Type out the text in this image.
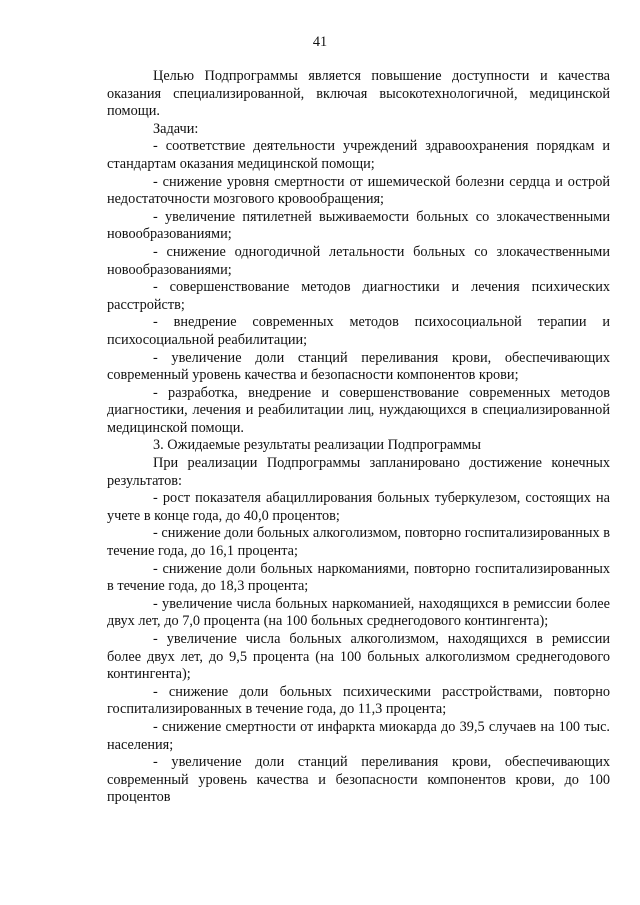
41

Целью Подпрограммы является повышение доступности и качества оказания специализированной, включая высокотехнологичной, медицинской помощи.

Задачи:

- соответствие деятельности учреждений здравоохранения порядкам и стандартам оказания медицинской помощи;

- снижение уровня смертности от ишемической болезни сердца и острой недостаточности мозгового кровообращения;

- увеличение пятилетней выживаемости больных со злокачественными новообразованиями;

- снижение одногодичной летальности больных со злокачественными новообразованиями;

- совершенствование методов диагностики и лечения психических расстройств;

- внедрение современных методов психосоциальной терапии и психосоциальной реабилитации;

- увеличение доли станций переливания крови, обеспечивающих современный уровень качества и безопасности компонентов крови;

- разработка, внедрение и совершенствование современных методов диагностики, лечения и реабилитации лиц, нуждающихся в специализированной медицинской помощи.

3. Ожидаемые результаты реализации Подпрограммы

При реализации Подпрограммы запланировано достижение конечных результатов:

- рост показателя абациллирования больных туберкулезом, состоящих на учете в конце года, до 40,0 процентов;

- снижение доли больных алкоголизмом, повторно госпитализированных в течение года, до 16,1 процента;

- снижение доли больных наркоманиями, повторно госпитализированных в течение года, до 18,3 процента;

- увеличение числа больных наркоманией, находящихся в ремиссии более двух лет, до 7,0 процента (на 100 больных среднегодового контингента);

- увеличение числа больных алкоголизмом, находящихся в ремиссии более двух лет, до 9,5 процента (на 100 больных алкоголизмом среднегодового контингента);

- снижение доли больных психическими расстройствами, повторно госпитализированных в течение года, до 11,3 процента;

- снижение смертности от инфаркта миокарда до 39,5 случаев на 100 тыс. населения;

- увеличение доли станций переливания крови, обеспечивающих современный уровень качества и безопасности компонентов крови, до 100 процентов
